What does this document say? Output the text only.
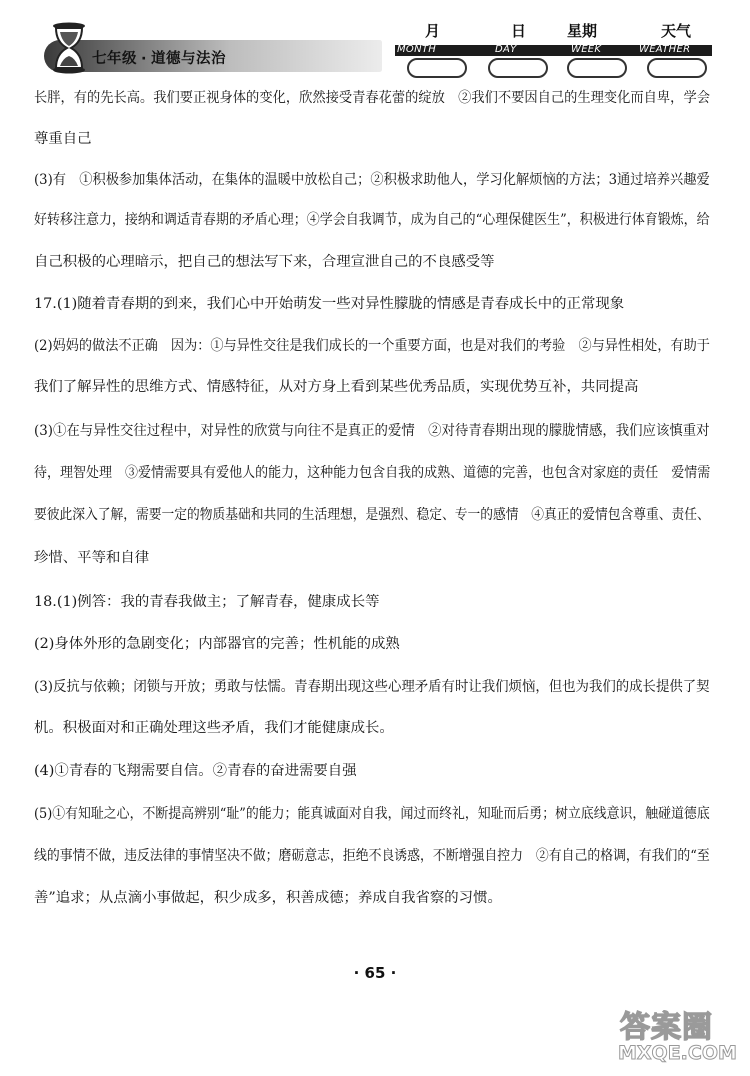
七年级 · 道德与法治
月	日	星期	天气
MONTH	DAY	WEEK	WEATHER
长胖，有的先长高。我们要正视身体的变化，欣然接受青春花蕾的绽放　②我们不要因自己的生理变化而自卑，学会
尊重自己
(3)有　①积极参加集体活动，在集体的温暖中放松自己；②积极求助他人，学习化解烦恼的方法；3通过培养兴趣爱
好转移注意力，接纳和调适青春期的矛盾心理；④学会自我调节，成为自己的“心理保健医生”，积极进行体育锻炼，给
自己积极的心理暗示，把自己的想法写下来，合理宣泄自己的不良感受等
17.(1)随着青春期的到来，我们心中开始萌发一些对异性朦胧的情感是青春成长中的正常现象
(2)妈妈的做法不正确　因为：①与异性交往是我们成长的一个重要方面，也是对我们的考验　②与异性相处，有助于
我们了解异性的思维方式、情感特征，从对方身上看到某些优秀品质，实现优势互补，共同提高
(3)①在与异性交往过程中，对异性的欣赏与向往不是真正的爱情　②对待青春期出现的朦胧情感，我们应该慎重对
待，理智处理　③爱情需要具有爱他人的能力，这种能力包含自我的成熟、道德的完善，也包含对家庭的责任　爱情需
要彼此深入了解，需要一定的物质基础和共同的生活理想，是强烈、稳定、专一的感情　④真正的爱情包含尊重、责任、
珍惜、平等和自律
18.(1)例答：我的青春我做主；了解青春，健康成长等
(2)身体外形的急剧变化；内部器官的完善；性机能的成熟
(3)反抗与依赖；闭锁与开放；勇敢与怯懦。青春期出现这些心理矛盾有时让我们烦恼，但也为我们的成长提供了契
机。积极面对和正确处理这些矛盾，我们才能健康成长。
(4)①青春的飞翔需要自信。②青春的奋进需要自强
(5)①有知耻之心，不断提高辨别“耻”的能力；能真诚面对自我，闻过而终礼，知耻而后勇；树立底线意识，触碰道德底
线的事情不做，违反法律的事情坚决不做；磨砺意志，拒绝不良诱惑，不断增强自控力　②有自己的格调，有我们的“至
善”追求；从点滴小事做起，积少成多，积善成德；养成自我省察的习惯。
· 65 ·
答案圈
MXQE.COM
